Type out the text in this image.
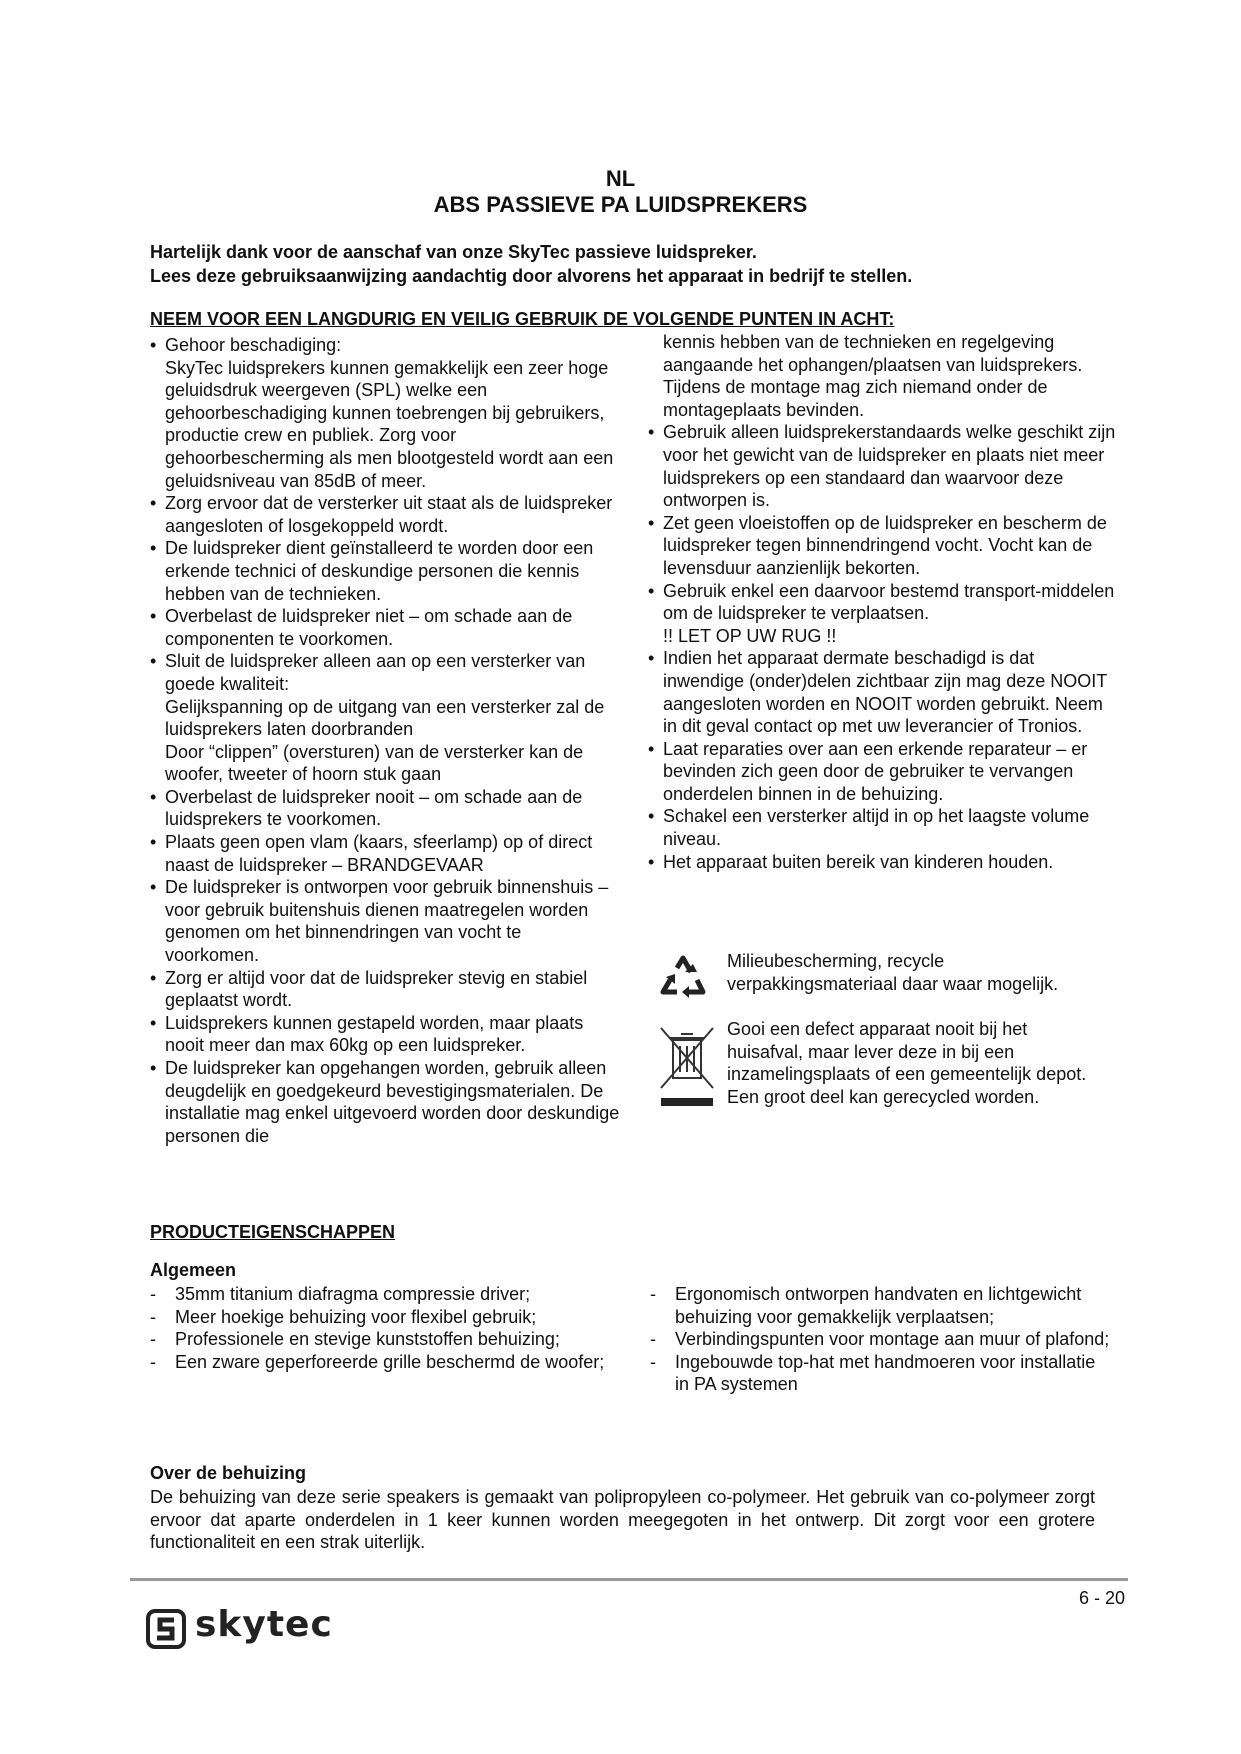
NL
ABS PASSIEVE PA LUIDSPREKERS
Hartelijk dank voor de aanschaf van onze SkyTec passieve luidspreker.
Lees deze gebruiksaanwijzing aandachtig door alvorens het apparaat in bedrijf te stellen.
NEEM VOOR EEN LANGDURIG EN VEILIG GEBRUIK DE VOLGENDE PUNTEN IN ACHT:
• Gehoor beschadiging:
SkyTec luidsprekers kunnen gemakkelijk een zeer hoge geluidsdruk weergeven (SPL) welke een gehoorbeschadiging kunnen toebrengen bij gebruikers, productie crew en publiek. Zorg voor gehoorbescherming als men blootgesteld wordt aan een geluidsniveau van 85dB of meer.
• Zorg ervoor dat de versterker uit staat als de luidspreker aangesloten of losgekoppeld wordt.
• De luidspreker dient geïnstalleerd te worden door een erkende technici of deskundige personen die kennis hebben van de technieken.
• Overbelast de luidspreker niet – om schade aan de componenten te voorkomen.
• Sluit de luidspreker alleen aan op een versterker van goede kwaliteit:
Gelijkspanning op de uitgang van een versterker zal de luidsprekers laten doorbranden
Door “clippen” (oversturen) van de versterker kan de woofer, tweeter of hoorn stuk gaan
• Overbelast de luidspreker nooit – om schade aan de luidsprekers te voorkomen.
• Plaats geen open vlam (kaars, sfeerlamp) op of direct naast de luidspreker – BRANDGEVAAR
• De luidspreker is ontworpen voor gebruik binnenshuis – voor gebruik buitenshuis dienen maatregelen worden genomen om het binnendringen van vocht te voorkomen.
• Zorg er altijd voor dat de luidspreker stevig en stabiel geplaatst wordt.
• Luidsprekers kunnen gestapeld worden, maar plaats nooit meer dan max 60kg op een luidspreker.
• De luidspreker kan opgehangen worden, gebruik alleen deugdelijk en goedgekeurd bevestigingsmaterialen. De installatie mag enkel uitgevoerd worden door deskundige personen die
kennis hebben van de technieken en regelgeving aangaande het ophangen/plaatsen van luidsprekers. Tijdens de montage mag zich niemand onder de montageplaats bevinden.
• Gebruik alleen luidsprekerstandaards welke geschikt zijn voor het gewicht van de luidspreker en plaats niet meer luidsprekers op een standaard dan waarvoor deze ontworpen is.
• Zet geen vloeistoffen op de luidspreker en bescherm de luidspreker tegen binnendringend vocht. Vocht kan de levensduur aanzienlijk bekorten.
• Gebruik enkel een daarvoor bestemd transport-middelen om de luidspreker te verplaatsen.
!! LET OP UW RUG !!
• Indien het apparaat dermate beschadigd is dat inwendige (onder)delen zichtbaar zijn mag deze NOOIT aangesloten worden en NOOIT worden gebruikt. Neem in dit geval contact op met uw leverancier of Tronios.
• Laat reparaties over aan een erkende reparateur – er bevinden zich geen door de gebruiker te vervangen onderdelen binnen in de behuizing.
• Schakel een versterker altijd in op het laagste volume niveau.
• Het apparaat buiten bereik van kinderen houden.
Milieubescherming, recycle verpakkingsmateriaal daar waar mogelijk.
Gooi een defect apparaat nooit bij het huisafval, maar lever deze in bij een inzamelingsplaats of een gemeentelijk depot. Een groot deel kan gerecycled worden.
PRODUCTEIGENSCHAPPEN
Algemeen
- 35mm titanium diafragma compressie driver;
- Meer hoekige behuizing voor flexibel gebruik;
- Professionele en stevige kunststoffen behuizing;
- Een zware geperforeerde grille beschermd de woofer;
- Ergonomisch ontworpen handvaten en lichtgewicht behuizing voor gemakkelijk verplaatsen;
- Verbindingspunten voor montage aan muur of plafond;
- Ingebouwde top-hat met handmoeren voor installatie in PA systemen
Over de behuizing
De behuizing van deze serie speakers is gemaakt van polipropyleen co-polymeer. Het gebruik van co-polymeer zorgt ervoor dat aparte onderdelen in 1 keer kunnen worden meegegoten in het ontwerp. Dit zorgt voor een grotere functionaliteit en een strak uiterlijk.
6 - 20
skytec
